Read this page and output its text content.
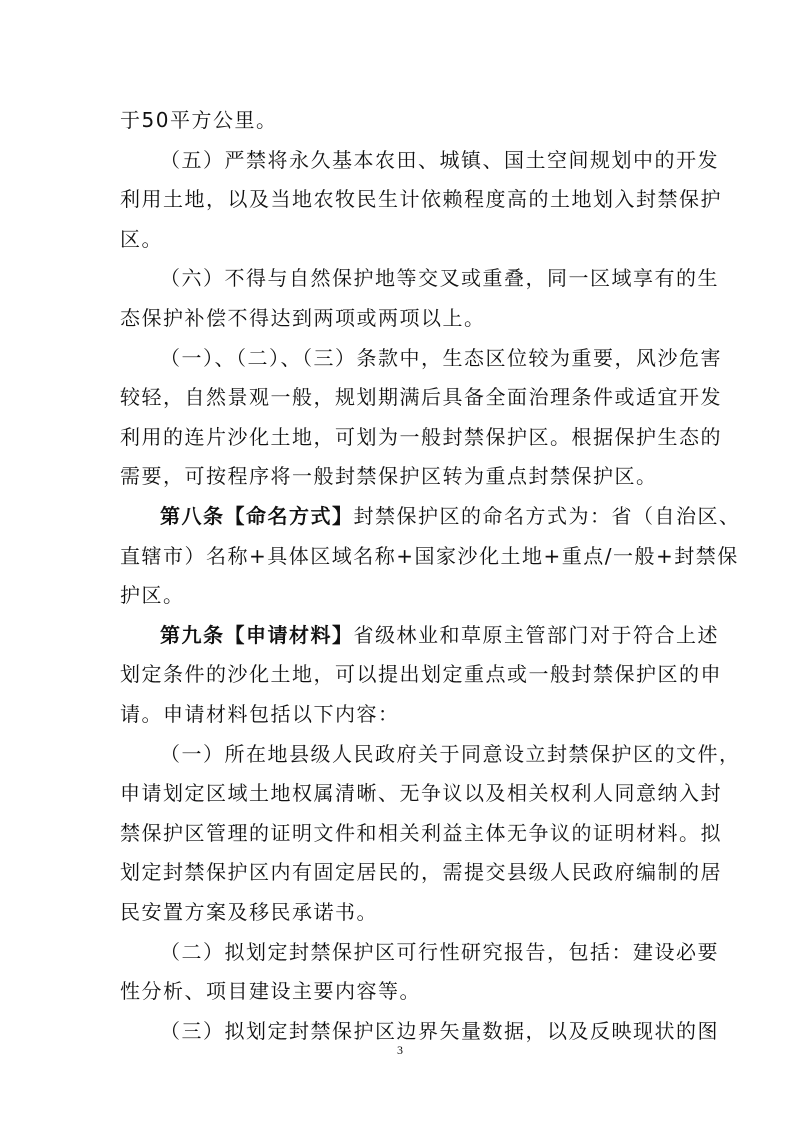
3
于50平方公里。
（五）严禁将永久基本农田、城镇、国土空间规划中的开发
利用土地，以及当地农牧民生计依赖程度高的土地划入封禁保护
区。
（六）不得与自然保护地等交叉或重叠，同一区域享有的生
态保护补偿不得达到两项或两项以上。
（一）、（二）、（三）条款中，生态区位较为重要，风沙危害
较轻，自然景观一般，规划期满后具备全面治理条件或适宜开发
利用的连片沙化土地，可划为一般封禁保护区。根据保护生态的
需要，可按程序将一般封禁保护区转为重点封禁保护区。
第八条【命名方式】封禁保护区的命名方式为：省（自治区、
直辖市）名称+具体区域名称+国家沙化土地+重点/一般+封禁保
护区。
第九条【申请材料】省级林业和草原主管部门对于符合上述
划定条件的沙化土地，可以提出划定重点或一般封禁保护区的申
请。申请材料包括以下内容：
（一）所在地县级人民政府关于同意设立封禁保护区的文件，
申请划定区域土地权属清晰、无争议以及相关权利人同意纳入封
禁保护区管理的证明文件和相关利益主体无争议的证明材料。拟
划定封禁保护区内有固定居民的，需提交县级人民政府编制的居
民安置方案及移民承诺书。
（二）拟划定封禁保护区可行性研究报告，包括：建设必要
性分析、项目建设主要内容等。
（三）拟划定封禁保护区边界矢量数据，以及反映现状的图
